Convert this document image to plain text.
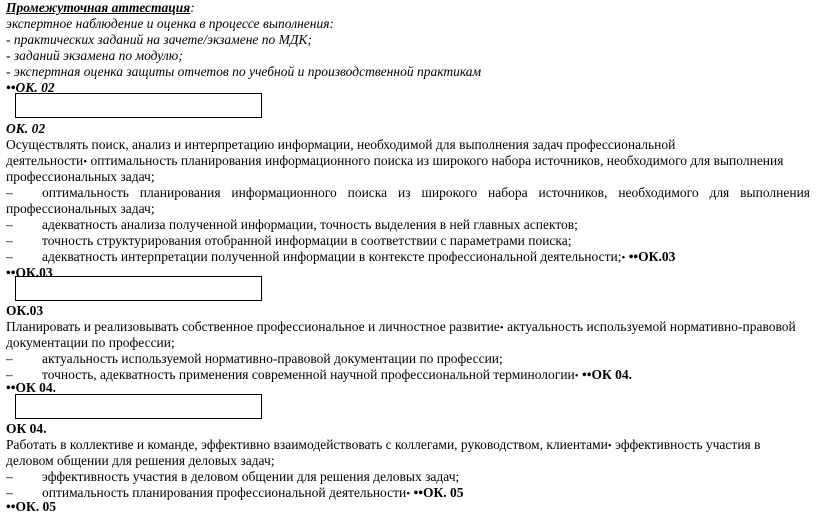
Промежуточная аттестация:
экспертное наблюдение и оценка в процессе выполнения:
- практических заданий на зачете/экзамене по МДК;
- заданий экзамена по модулю;
- экспертная оценка защиты отчетов по учебной и производственной практикам
••ОК. 02
ОК. 02
Осуществлять поиск, анализ и интерпретацию информации, необходимой для выполнения задач профессиональной
деятельности• оптимальность планирования информационного поиска из широкого набора источников, необходимого для выполнения
профессиональных задач;
– оптимальность планирования информационного поиска из широкого набора источников, необходимого для выполнения
профессиональных задач;
– адекватность анализа полученной информации, точность выделения в ней главных аспектов;
– точность структурирования отобранной информации в соответствии с параметрами поиска;
– адекватность интерпретации полученной информации в контексте профессиональной деятельности;• ••ОК.03
••ОК.03
ОК.03
Планировать и реализовывать собственное профессиональное и личностное развитие• актуальность используемой нормативно-правовой
документации по профессии;
– актуальность используемой нормативно-правовой документации по профессии;
– точность, адекватность применения современной научной профессиональной терминологии• ••ОК 04.
••ОК 04.
ОК 04.
Работать в коллективе и команде, эффективно взаимодействовать с коллегами, руководством, клиентами• эффективность участия в
деловом общении для решения деловых задач;
– эффективность участия в деловом общении для решения деловых задач;
– оптимальность планирования профессиональной деятельности• ••ОК. 05
••ОК. 05
